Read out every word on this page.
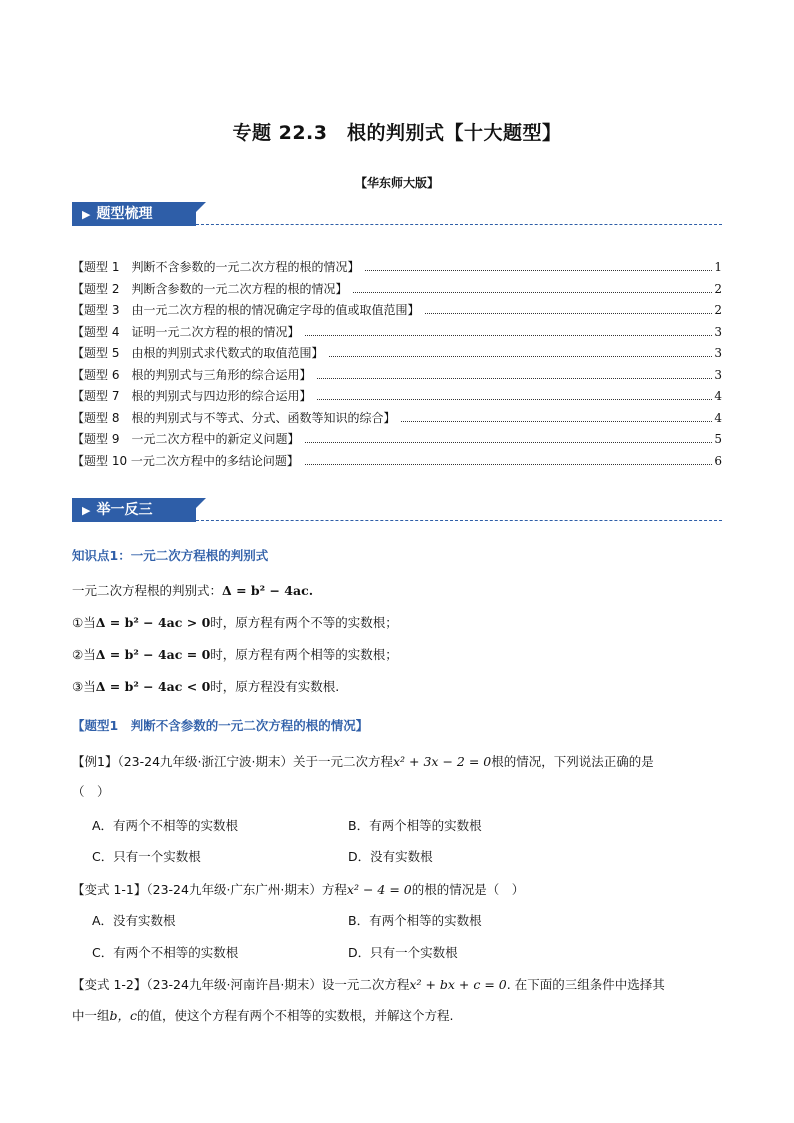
专题 22.3　根的判别式【十大题型】
【华东师大版】
▶ 题型梳理
【题型 1　判断不含参数的一元二次方程的根的情况】	1
【题型 2　判断含参数的一元二次方程的根的情况】	2
【题型 3　由一元二次方程的根的情况确定字母的值或取值范围】	2
【题型 4　证明一元二次方程的根的情况】	3
【题型 5　由根的判别式求代数式的取值范围】	3
【题型 6　根的判别式与三角形的综合运用】	3
【题型 7　根的判别式与四边形的综合运用】	4
【题型 8　根的判别式与不等式、分式、函数等知识的综合】	4
【题型 9　一元二次方程中的新定义问题】	5
【题型 10 一元二次方程中的多结论问题】	6
▶ 举一反三
知识点1：一元二次方程根的判别式
一元二次方程根的判别式：Δ = b² − 4ac.
①当Δ = b² − 4ac > 0时，原方程有两个不等的实数根；
②当Δ = b² − 4ac = 0时，原方程有两个相等的实数根；
③当Δ = b² − 4ac < 0时，原方程没有实数根.
【题型1　判断不含参数的一元二次方程的根的情况】
【例1】（23-24九年级·浙江宁波·期末）关于一元二次方程x² + 3x − 2 = 0根的情况，下列说法正确的是
（　）
A．有两个不相等的实数根	B．有两个相等的实数根
C．只有一个实数根	D．没有实数根
【变式 1-1】（23-24九年级·广东广州·期末）方程x² − 4 = 0的根的情况是（　）
A．没有实数根	B．有两个相等的实数根
C．有两个不相等的实数根	D．只有一个实数根
【变式 1-2】（23-24九年级·河南许昌·期末）设一元二次方程x² + bx + c = 0. 在下面的三组条件中选择其
中一组b，c的值，使这个方程有两个不相等的实数根，并解这个方程.
